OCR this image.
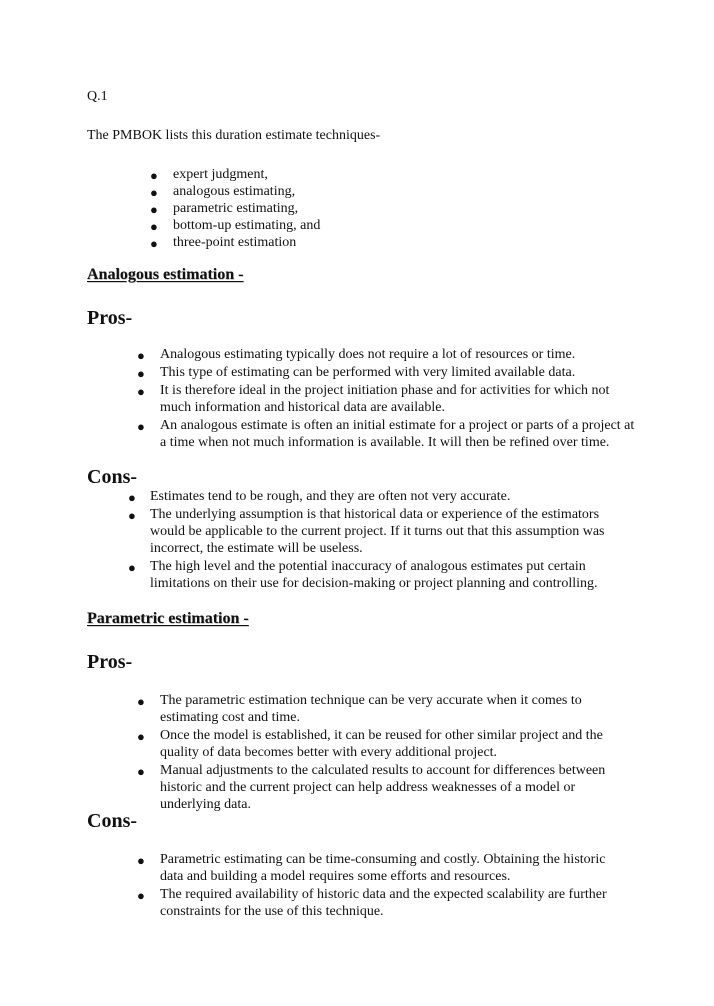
Q.1

The PMBOK lists this duration estimate techniques-

● expert judgment,
● analogous estimating,
● parametric estimating,
● bottom-up estimating, and
● three-point estimation

Analogous estimation -

Pros-

● Analogous estimating typically does not require a lot of resources or time.
● This type of estimating can be performed with very limited available data.
● It is therefore ideal in the project initiation phase and for activities for which not much information and historical data are available.
● An analogous estimate is often an initial estimate for a project or parts of a project at a time when not much information is available. It will then be refined over time.

Cons-

● Estimates tend to be rough, and they are often not very accurate.
● The underlying assumption is that historical data or experience of the estimators would be applicable to the current project. If it turns out that this assumption was incorrect, the estimate will be useless.
● The high level and the potential inaccuracy of analogous estimates put certain limitations on their use for decision-making or project planning and controlling.

Parametric estimation -

Pros-

● The parametric estimation technique can be very accurate when it comes to estimating cost and time.
● Once the model is established, it can be reused for other similar project and the quality of data becomes better with every additional project.
● Manual adjustments to the calculated results to account for differences between historic and the current project can help address weaknesses of a model or underlying data.

Cons-

● Parametric estimating can be time-consuming and costly. Obtaining the historic data and building a model requires some efforts and resources.
● The required availability of historic data and the expected scalability are further constraints for the use of this technique.
